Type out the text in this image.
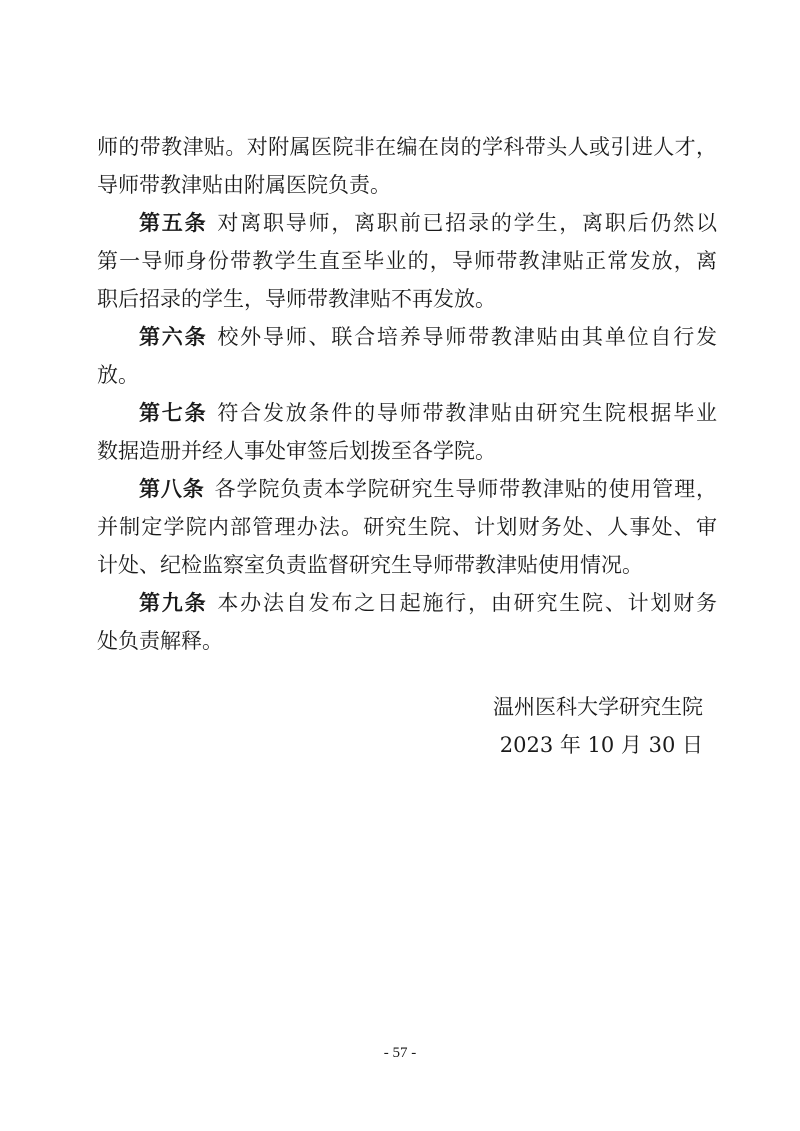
师的带教津贴。对附属医院非在编在岗的学科带头人或引进人才，
导师带教津贴由附属医院负责。
第五条 对离职导师，离职前已招录的学生，离职后仍然以
第一导师身份带教学生直至毕业的，导师带教津贴正常发放，离
职后招录的学生，导师带教津贴不再发放。
第六条 校外导师、联合培养导师带教津贴由其单位自行发
放。
第七条 符合发放条件的导师带教津贴由研究生院根据毕业
数据造册并经人事处审签后划拨至各学院。
第八条 各学院负责本学院研究生导师带教津贴的使用管理，
并制定学院内部管理办法。研究生院、计划财务处、人事处、审
计处、纪检监察室负责监督研究生导师带教津贴使用情况。
第九条 本办法自发布之日起施行，由研究生院、计划财务
处负责解释。
温州医科大学研究生院
2023 年 10 月 30 日
- 57 -
